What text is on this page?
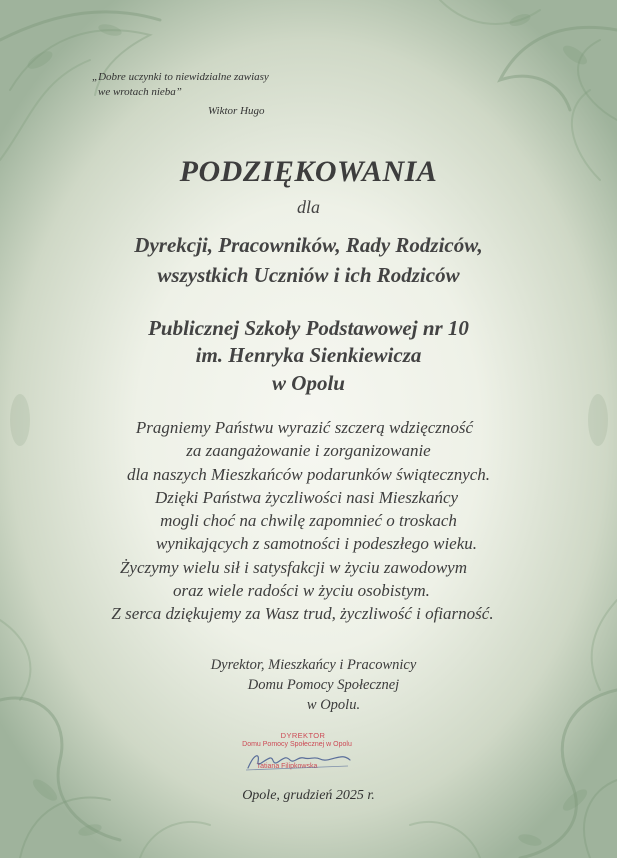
„Dobre uczynki to niewidzialne zawiasy
we wrotach nieba”
Wiktor Hugo
PODZIĘKOWANIA
dla
Dyrekcji, Pracowników, Rady Rodziców,
wszystkich Uczniów i ich Rodziców
Publicznej Szkoły Podstawowej nr 10
im. Henryka Sienkiewicza
w Opolu
Pragniemy Państwu wyrazić szczerą wdzięczność
za zaangażowanie i zorganizowanie
dla naszych Mieszkańców podarunków świątecznych.
Dzięki Państwa życzliwości nasi Mieszkańcy
mogli choć na chwilę zapomnieć o troskach
wynikających z samotności i podeszłego wieku.
Życzymy wielu sił i satysfakcji w życiu zawodowym
oraz wiele radości w życiu osobistym.
Z serca dziękujemy za Wasz trud, życzliwość i ofiarność.
Dyrektor, Mieszkańcy i Pracownicy
Domu Pomocy Społecznej
w Opolu.
DYREKTOR
Domu Pomocy Społecznej w Opolu
Tatiana Filipkowska
Opole, grudzień 2025 r.
